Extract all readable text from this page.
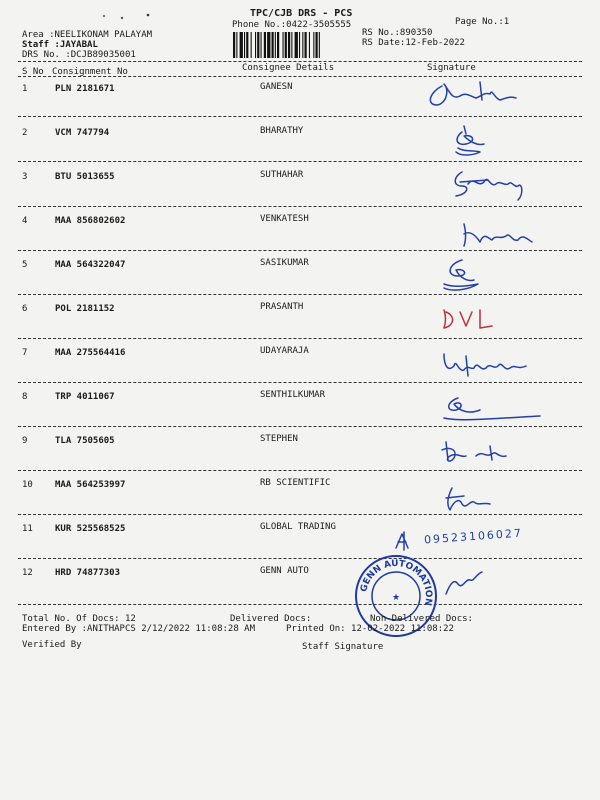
TPC/CJB DRS - PCS
Phone No.:0422-3505555	Page No.:1
RS No.:890350
RS Date:12-Feb-2022
Area :NEELIKONAM PALAYAM
Staff :JAYABAL
DRS No. :DCJB89035001
S No Consignment No	Consignee Details	Signature
1	PLN 2181671	GANESN
2	VCM 747794	BHARATHY
3	BTU 5013655	SUTHAHAR
4	MAA 856802602	VENKATESH
5	MAA 564322047	SASIKUMAR
6	POL 2181152	PRASANTH
7	MAA 275564416	UDAYARAJA
8	TRP 4011067	SENTHILKUMAR
9	TLA 7505605	STEPHEN
10 MAA 564253997	RB SCIENTIFIC
11 KUR 525568525	GLOBAL TRADING
12 HRD 74877303	GENN AUTO
09523106027
GENN AUTOMATION
★
Total No. Of Docs: 12	Delivered Docs:	Non-Delivered Docs:
Entered By :ANITHAPCS 2/12/2022 11:08:28 AM	Printed On: 12-02-2022 11:08:22
Verified By	Staff Signature
